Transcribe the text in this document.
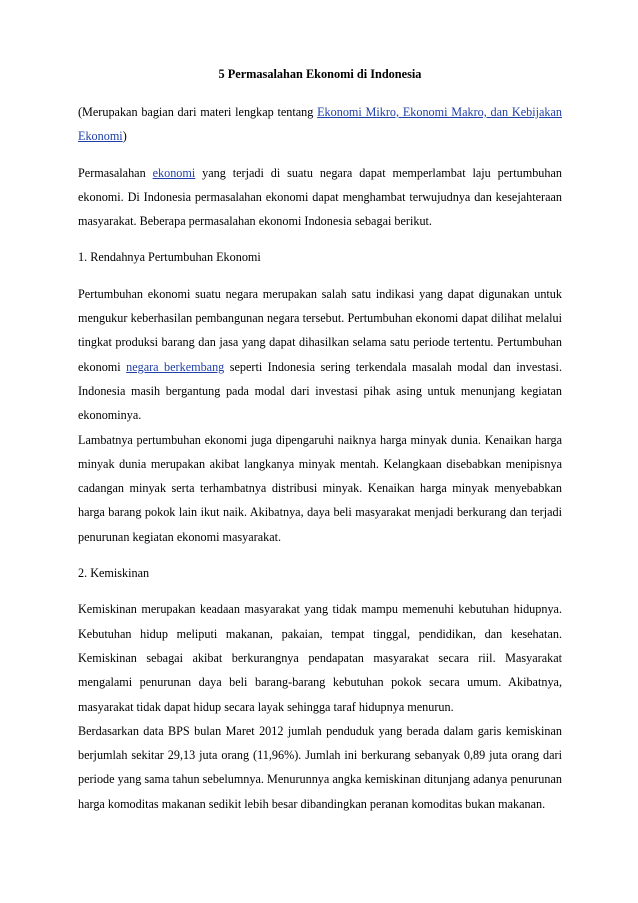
5 Permasalahan Ekonomi di Indonesia

(Merupakan bagian dari materi lengkap tentang Ekonomi Mikro, Ekonomi Makro, dan Kebijakan Ekonomi)

Permasalahan ekonomi yang terjadi di suatu negara dapat memperlambat laju pertumbuhan ekonomi. Di Indonesia permasalahan ekonomi dapat menghambat terwujudnya dan kesejahteraan masyarakat. Beberapa permasalahan ekonomi Indonesia sebagai berikut.

1. Rendahnya Pertumbuhan Ekonomi

Pertumbuhan ekonomi suatu negara merupakan salah satu indikasi yang dapat digunakan untuk mengukur keberhasilan pembangunan negara tersebut. Pertumbuhan ekonomi dapat dilihat melalui tingkat produksi barang dan jasa yang dapat dihasilkan selama satu periode tertentu. Pertumbuhan ekonomi negara berkembang seperti Indonesia sering terkendala masalah modal dan investasi. Indonesia masih bergantung pada modal dari investasi pihak asing untuk menunjang kegiatan ekonominya.

Lambatnya pertumbuhan ekonomi juga dipengaruhi naiknya harga minyak dunia. Kenaikan harga minyak dunia merupakan akibat langkanya minyak mentah. Kelangkaan disebabkan menipisnya cadangan minyak serta terhambatnya distribusi minyak. Kenaikan harga minyak menyebabkan harga barang pokok lain ikut naik. Akibatnya, daya beli masyarakat menjadi berkurang dan terjadi penurunan kegiatan ekonomi masyarakat.

2. Kemiskinan

Kemiskinan merupakan keadaan masyarakat yang tidak mampu memenuhi kebutuhan hidupnya. Kebutuhan hidup meliputi makanan, pakaian, tempat tinggal, pendidikan, dan kesehatan. Kemiskinan sebagai akibat berkurangnya pendapatan masyarakat secara riil. Masyarakat mengalami penurunan daya beli barang-barang kebutuhan pokok secara umum. Akibatnya, masyarakat tidak dapat hidup secara layak sehingga taraf hidupnya menurun.

Berdasarkan data BPS bulan Maret 2012 jumlah penduduk yang berada dalam garis kemiskinan berjumlah sekitar 29,13 juta orang (11,96%). Jumlah ini berkurang sebanyak 0,89 juta orang dari periode yang sama tahun sebelumnya. Menurunnya angka kemiskinan ditunjang adanya penurunan harga komoditas makanan sedikit lebih besar dibandingkan peranan komoditas bukan makanan.
